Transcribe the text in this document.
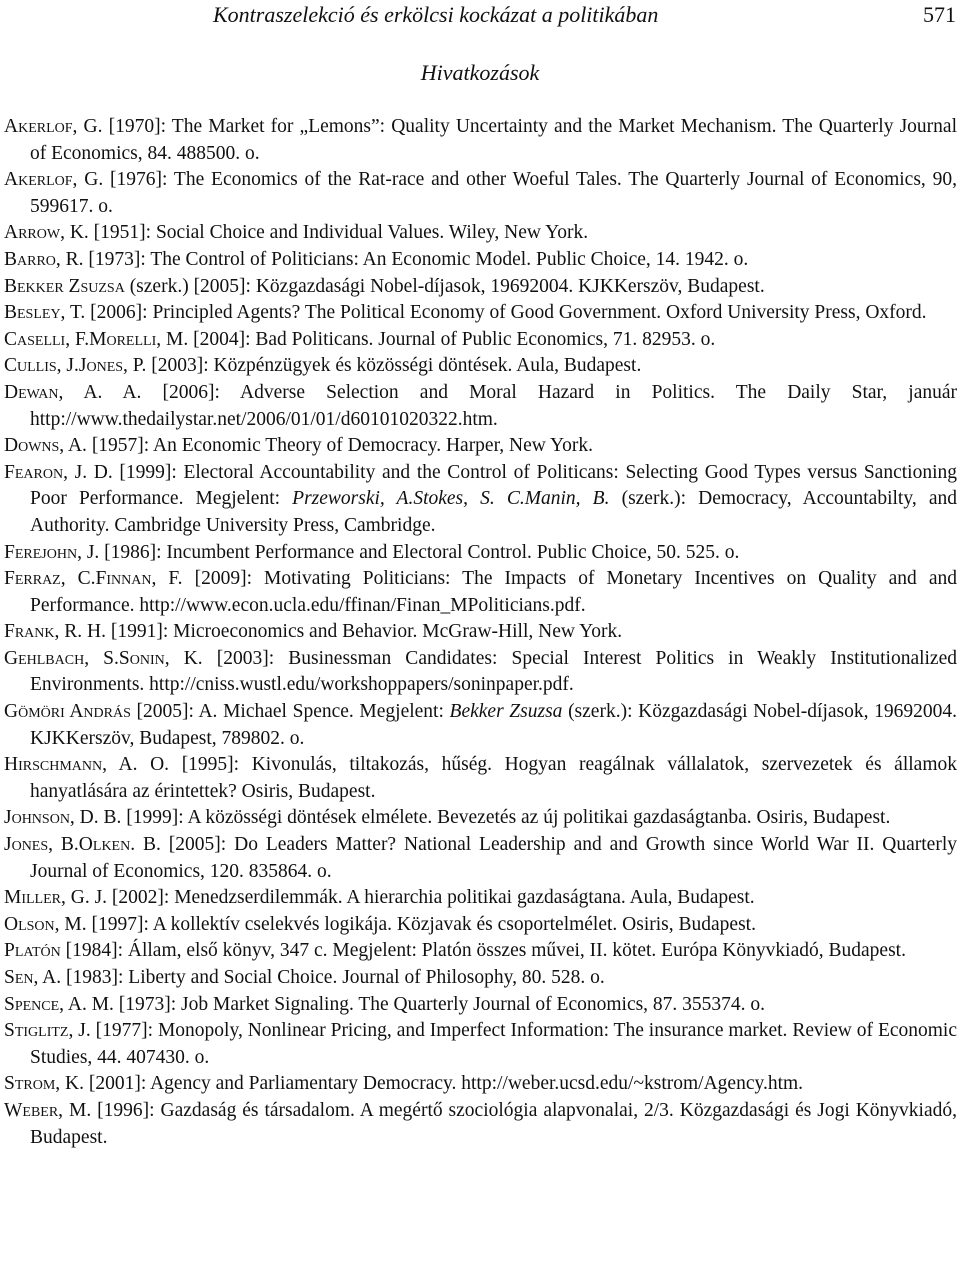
Kontraszelekció és erkölcsi kockázat a politikában	571
Hivatkozások
Akerlof, G. [1970]: The Market for „Lemons”: Quality Uncertainty and the Market Mechanism. The Quarterly Journal of Economics, 84. 488500. o.
Akerlof, G. [1976]: The Economics of the Rat-race and other Woeful Tales. The Quarterly Journal of Economics, 90, 599617. o.
Arrow, K. [1951]: Social Choice and Individual Values. Wiley, New York.
Barro, R. [1973]: The Control of Politicians: An Economic Model. Public Choice, 14. 1942. o.
Bekker Zsuzsa (szerk.) [2005]: Közgazdasági Nobel-díjasok, 19692004. KJKKerszöv, Budapest.
Besley, T. [2006]: Principled Agents? The Political Economy of Good Government. Oxford University Press, Oxford.
Caselli, F.Morelli, M. [2004]: Bad Politicans. Journal of Public Economics, 71. 82953. o.
Cullis, J.Jones, P. [2003]: Közpénzügyek és közösségi döntések. Aula, Budapest.
Dewan, A. A. [2006]: Adverse Selection and Moral Hazard in Politics. The Daily Star, január http://www.thedailystar.net/2006/01/01/d60101020322.htm.
Downs, A. [1957]: An Economic Theory of Democracy. Harper, New York.
Fearon, J. D. [1999]: Electoral Accountability and the Control of Politicans: Selecting Good Types versus Sanctioning Poor Performance. Megjelent: Przeworski, A.Stokes, S. C.Manin, B. (szerk.): Democracy, Accountabilty, and Authority. Cambridge University Press, Cambridge.
Ferejohn, J. [1986]: Incumbent Performance and Electoral Control. Public Choice, 50. 525. o.
Ferraz, C.Finnan, F. [2009]: Motivating Politicians: The Impacts of Monetary Incentives on Quality and and Performance. http://www.econ.ucla.edu/ffinan/Finan_MPoliticians.pdf.
Frank, R. H. [1991]: Microeconomics and Behavior. McGraw-Hill, New York.
Gehlbach, S.Sonin, K. [2003]: Businessman Candidates: Special Interest Politics in Weakly Institutionalized Environments. http://cniss.wustl.edu/workshoppapers/soninpaper.pdf.
Gömöri András [2005]: A. Michael Spence. Megjelent: Bekker Zsuzsa (szerk.): Közgazdasági Nobel-díjasok, 19692004. KJKKerszöv, Budapest, 789802. o.
Hirschmann, A. O. [1995]: Kivonulás, tiltakozás, hűség. Hogyan reagálnak vállalatok, szervezetek és államok hanyatlására az érintettek? Osiris, Budapest.
Johnson, D. B. [1999]: A közösségi döntések elmélete. Bevezetés az új politikai gazdaságtanba. Osiris, Budapest.
Jones, B.Olken. B. [2005]: Do Leaders Matter? National Leadership and and Growth since World War II. Quarterly Journal of Economics, 120. 835864. o.
Miller, G. J. [2002]: Menedzserdilemmák. A hierarchia politikai gazdaságtana. Aula, Budapest.
Olson, M. [1997]: A kollektív cselekvés logikája. Közjavak és csoportelmélet. Osiris, Budapest.
Platón [1984]: Állam, első könyv, 347 c. Megjelent: Platón összes művei, II. kötet. Európa Könyvkiadó, Budapest.
Sen, A. [1983]: Liberty and Social Choice. Journal of Philosophy, 80. 528. o.
Spence, A. M. [1973]: Job Market Signaling. The Quarterly Journal of Economics, 87. 355374. o.
Stiglitz, J. [1977]: Monopoly, Nonlinear Pricing, and Imperfect Information: The insurance market. Review of Economic Studies, 44. 407430. o.
Strom, K. [2001]: Agency and Parliamentary Democracy. http://weber.ucsd.edu/~kstrom/Agency.htm.
Weber, M. [1996]: Gazdaság és társadalom. A megértő szociológia alapvonalai, 2/3. Közgazdasági és Jogi Könyvkiadó, Budapest.
